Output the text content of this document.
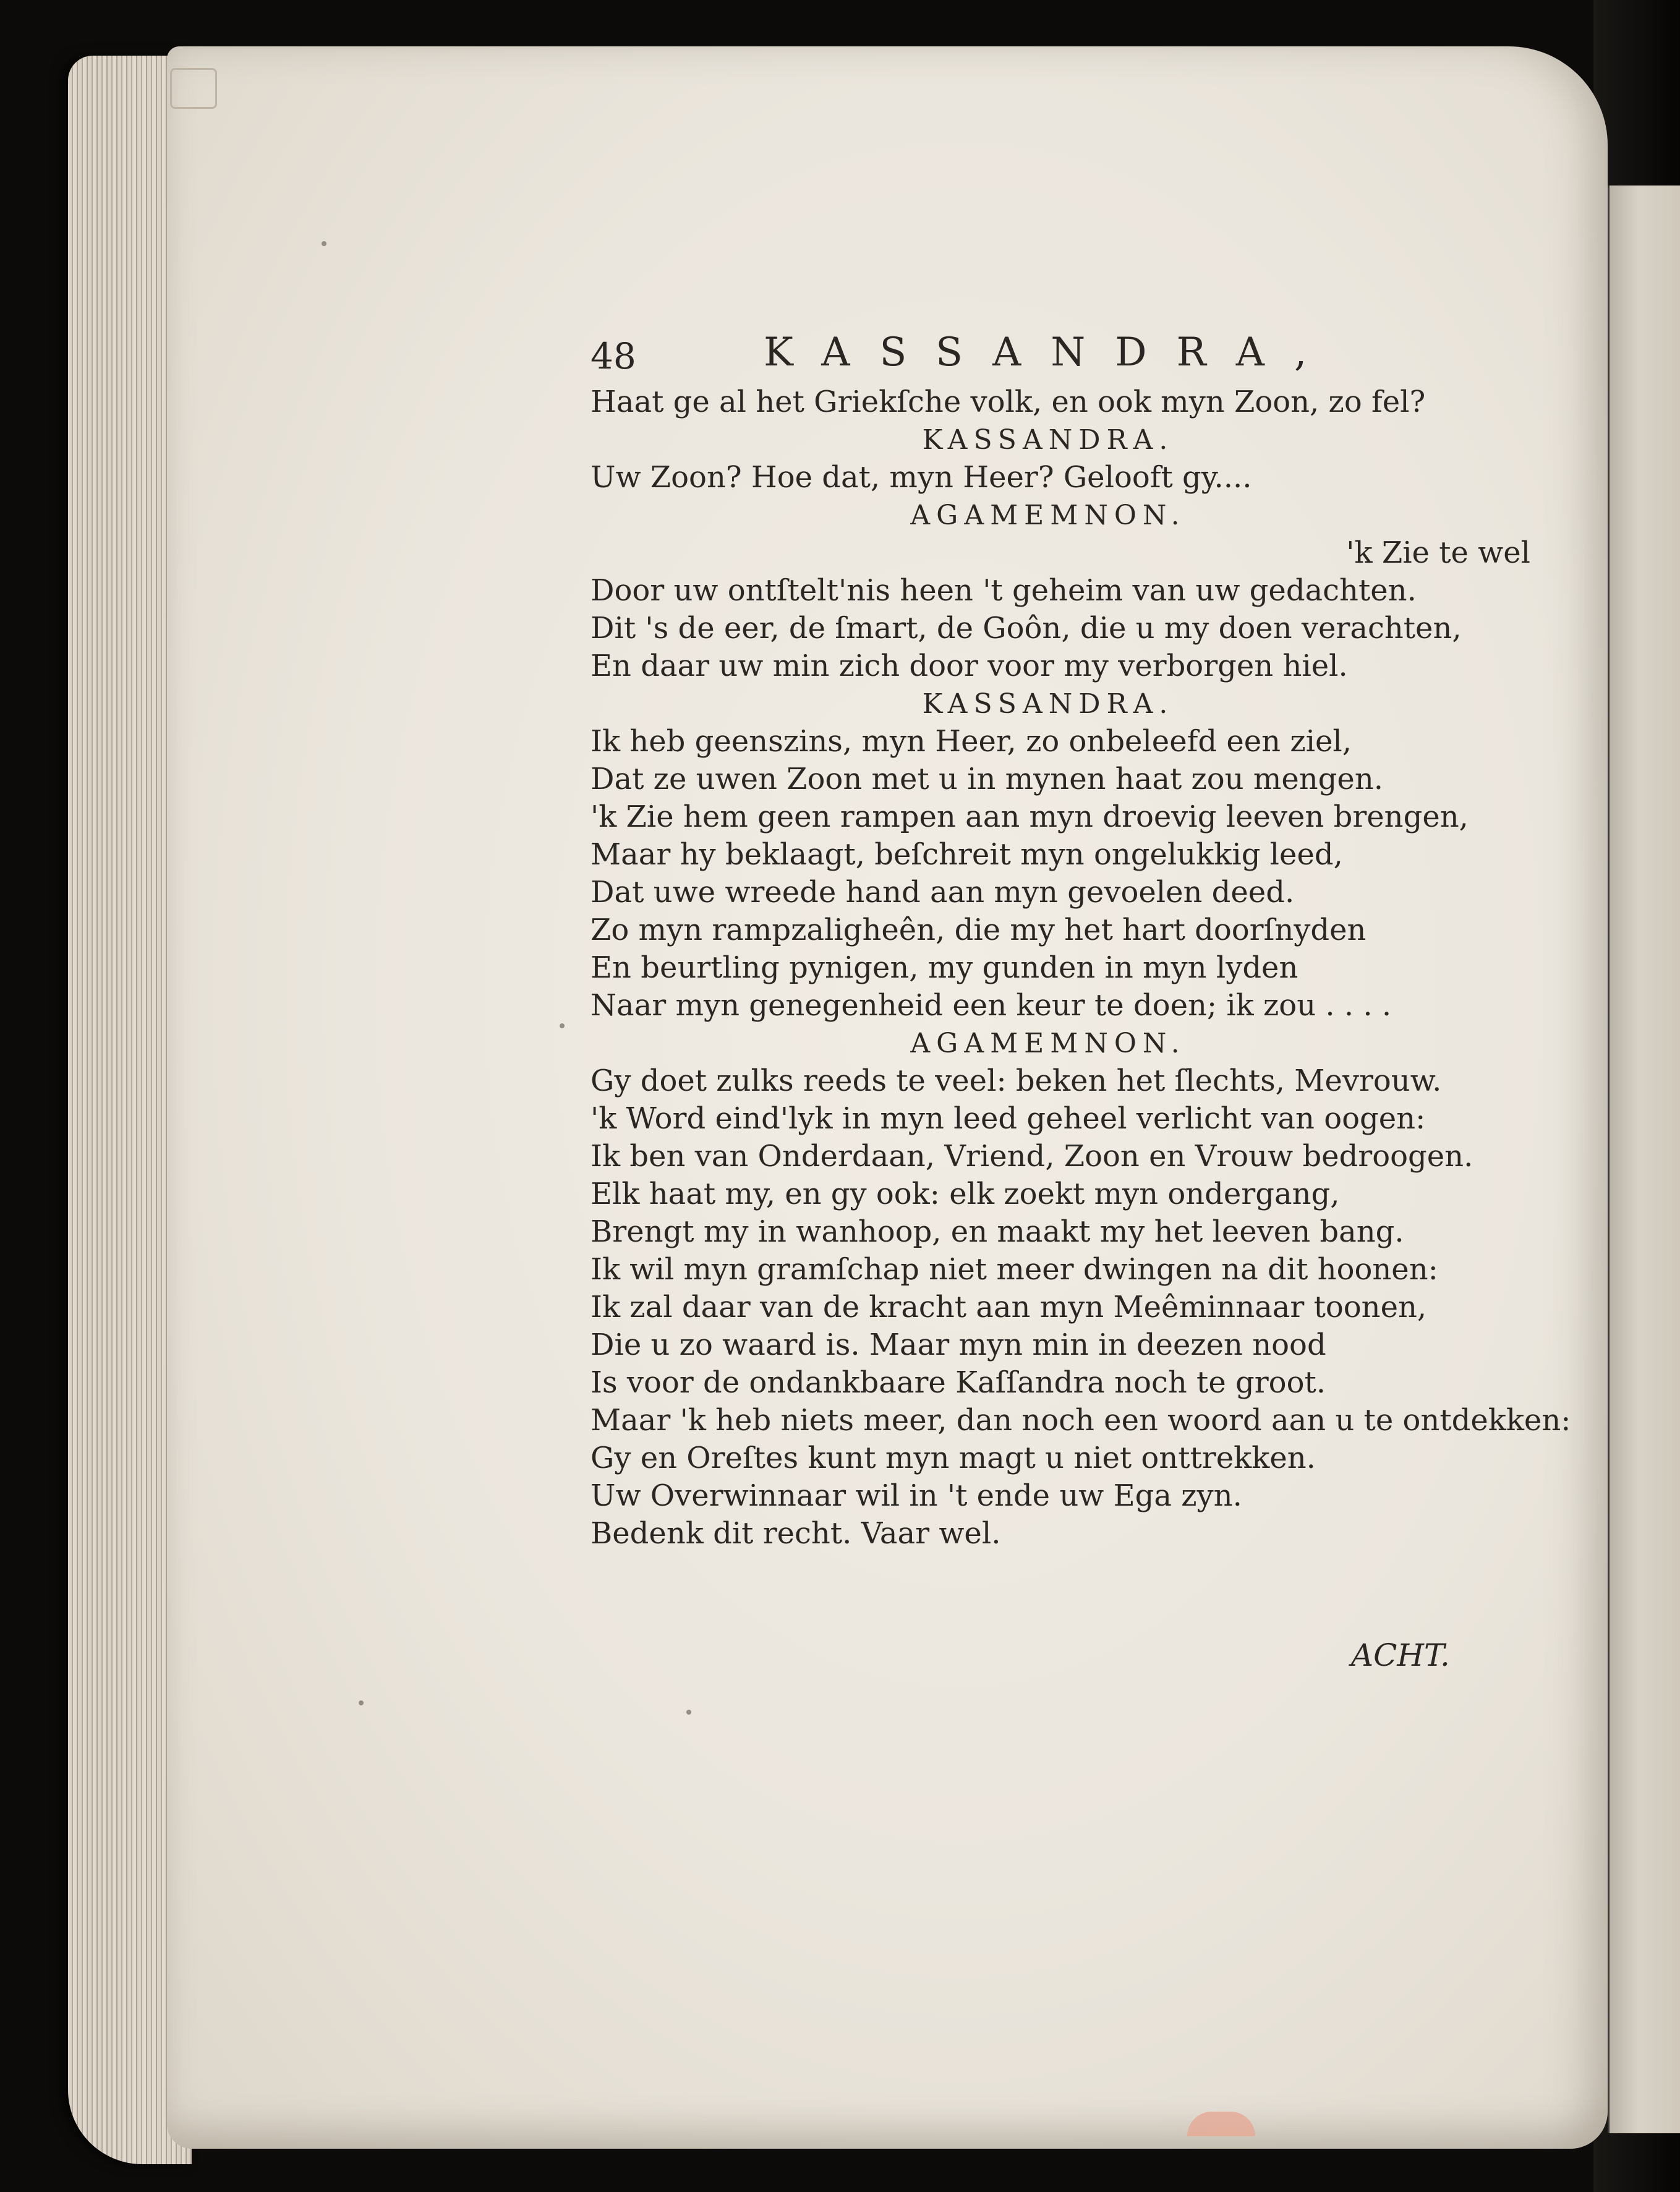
48	KASSANDRA,
Haat ge al het Griekſche volk, en ook myn Zoon, zo fel?
KASSANDRA.
Uw Zoon? Hoe dat, myn Heer? Gelooft gy....
AGAMEMNON.
'k Zie te wel
Door uw ontſtelt'nis heen 't geheim van uw gedachten.
Dit 's de eer, de ſmart, de Goôn, die u my doen verachten,
En daar uw min zich door voor my verborgen hiel.
KASSANDRA.
Ik heb geenszins, myn Heer, zo onbeleefd een ziel,
Dat ze uwen Zoon met u in mynen haat zou mengen.
'k Zie hem geen rampen aan myn droevig leeven brengen,
Maar hy beklaagt, beſchreit myn ongelukkig leed,
Dat uwe wreede hand aan myn gevoelen deed.
Zo myn rampzaligheên, die my het hart doorſnyden
En beurtling pynigen, my gunden in myn lyden
Naar myn genegenheid een keur te doen; ik zou . . . .
AGAMEMNON.
Gy doet zulks reeds te veel: beken het ſlechts, Mevrouw.
'k Word eind'lyk in myn leed geheel verlicht van oogen:
Ik ben van Onderdaan, Vriend, Zoon en Vrouw bedroogen.
Elk haat my, en gy ook: elk zoekt myn ondergang,
Brengt my in wanhoop, en maakt my het leeven bang.
Ik wil myn gramſchap niet meer dwingen na dit hoonen:
Ik zal daar van de kracht aan myn Meêminnaar toonen,
Die u zo waard is. Maar myn min in deezen nood
Is voor de ondankbaare Kaſſandra noch te groot.
Maar 'k heb niets meer, dan noch een woord aan u te ontdekken:
Gy en Oreſtes kunt myn magt u niet onttrekken.
Uw Overwinnaar wil in 't ende uw Ega zyn.
Bedenk dit recht. Vaar wel.
ACHT.
